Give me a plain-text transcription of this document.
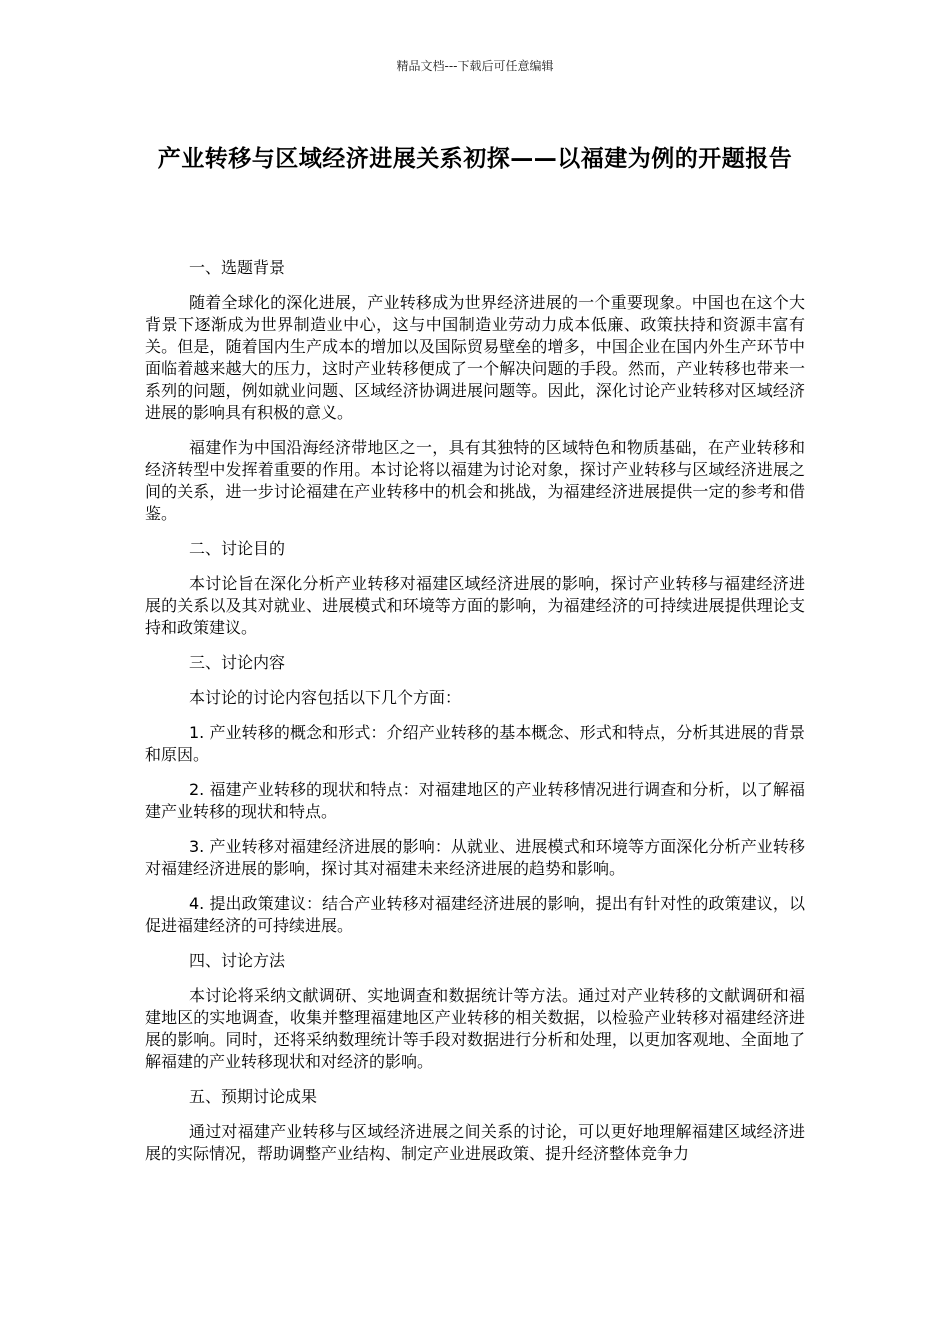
精品文档---下载后可任意编辑
产业转移与区域经济进展关系初探——以福建为例的开题报告

一、选题背景

随着全球化的深化进展，产业转移成为世界经济进展的一个重要现象。中国也在这个大背景下逐渐成为世界制造业中心，这与中国制造业劳动力成本低廉、政策扶持和资源丰富有关。但是，随着国内生产成本的增加以及国际贸易壁垒的增多，中国企业在国内外生产环节中面临着越来越大的压力，这时产业转移便成了一个解决问题的手段。然而，产业转移也带来一系列的问题，例如就业问题、区域经济协调进展问题等。因此，深化讨论产业转移对区域经济进展的影响具有积极的意义。

福建作为中国沿海经济带地区之一，具有其独特的区域特色和物质基础，在产业转移和经济转型中发挥着重要的作用。本讨论将以福建为讨论对象，探讨产业转移与区域经济进展之间的关系，进一步讨论福建在产业转移中的机会和挑战，为福建经济进展提供一定的参考和借鉴。

二、讨论目的

本讨论旨在深化分析产业转移对福建区域经济进展的影响，探讨产业转移与福建经济进展的关系以及其对就业、进展模式和环境等方面的影响，为福建经济的可持续进展提供理论支持和政策建议。

三、讨论内容

本讨论的讨论内容包括以下几个方面：

1. 产业转移的概念和形式：介绍产业转移的基本概念、形式和特点，分析其进展的背景和原因。

2. 福建产业转移的现状和特点：对福建地区的产业转移情况进行调查和分析，以了解福建产业转移的现状和特点。

3. 产业转移对福建经济进展的影响：从就业、进展模式和环境等方面深化分析产业转移对福建经济进展的影响，探讨其对福建未来经济进展的趋势和影响。

4. 提出政策建议：结合产业转移对福建经济进展的影响，提出有针对性的政策建议，以促进福建经济的可持续进展。

四、讨论方法

本讨论将采纳文献调研、实地调查和数据统计等方法。通过对产业转移的文献调研和福建地区的实地调查，收集并整理福建地区产业转移的相关数据，以检验产业转移对福建经济进展的影响。同时，还将采纳数理统计等手段对数据进行分析和处理，以更加客观地、全面地了解福建的产业转移现状和对经济的影响。

五、预期讨论成果

通过对福建产业转移与区域经济进展之间关系的讨论，可以更好地理解福建区域经济进展的实际情况，帮助调整产业结构、制定产业进展政策、提升经济整体竞争力
